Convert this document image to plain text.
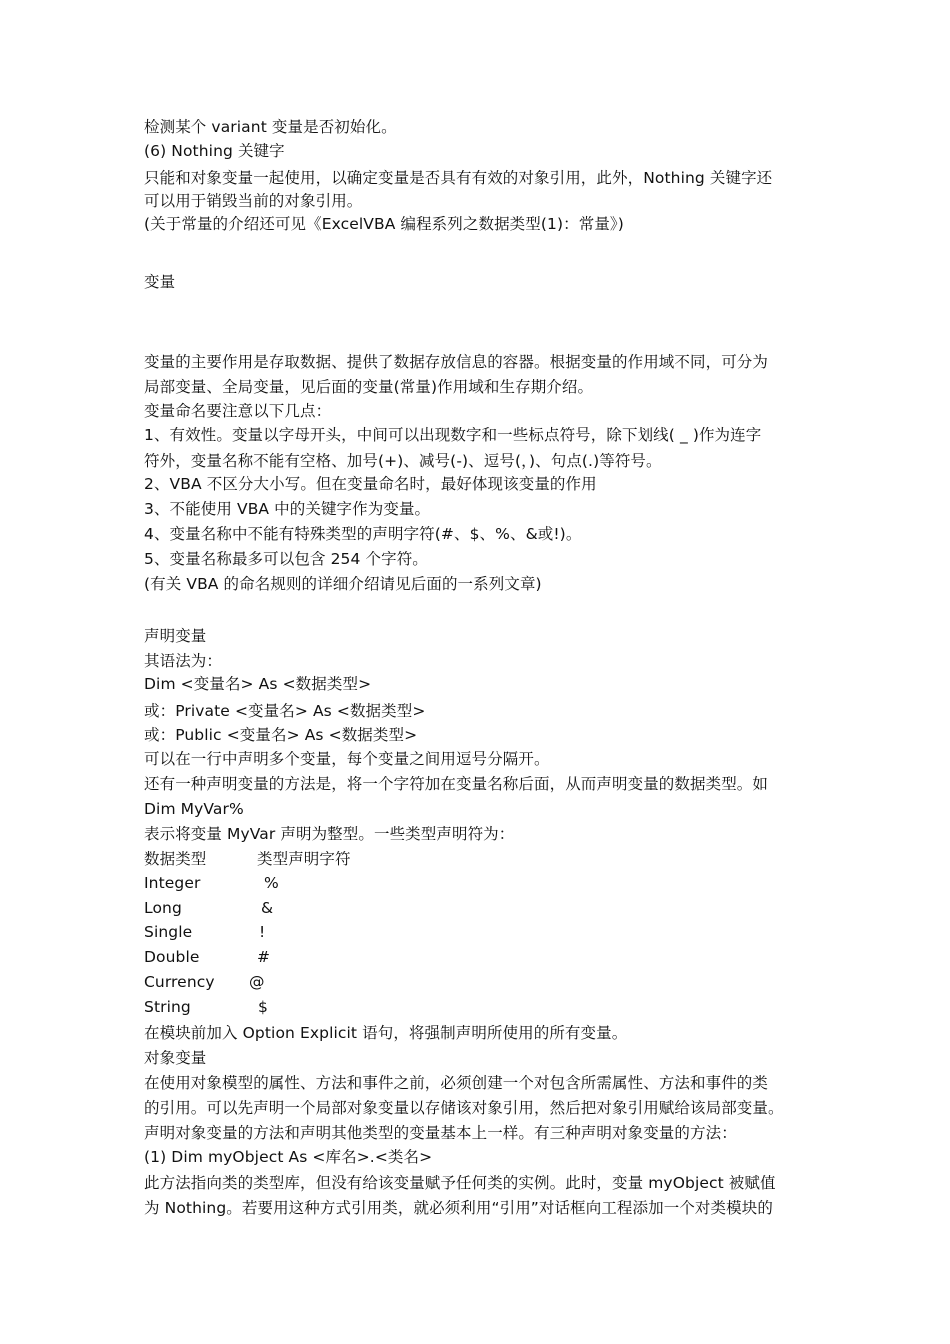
检测某个 variant 变量是否初始化。
(6) Nothing 关键字
只能和对象变量一起使用，以确定变量是否具有有效的对象引用，此外，Nothing 关键字还
可以用于销毁当前的对象引用。
(关于常量的介绍还可见《ExcelVBA 编程系列之数据类型(1)：常量》)
变量
变量的主要作用是存取数据、提供了数据存放信息的容器。根据变量的作用域不同，可分为
局部变量、全局变量，见后面的变量(常量)作用域和生存期介绍。
变量命名要注意以下几点：
1、有效性。变量以字母开头，中间可以出现数字和一些标点符号，除下划线( _ )作为连字
符外，变量名称不能有空格、加号(+)、减号(-)、逗号(，)、句点(.)等符号。
2、VBA 不区分大小写。但在变量命名时，最好体现该变量的作用
3、不能使用 VBA 中的关键字作为变量。
4、变量名称中不能有特殊类型的声明字符(#、$、%、&或!)。
5、变量名称最多可以包含 254 个字符。
(有关 VBA 的命名规则的详细介绍请见后面的一系列文章)
声明变量
其语法为：
Dim <变量名> As <数据类型>
或：Private <变量名> As <数据类型>
或：Public <变量名> As <数据类型>
可以在一行中声明多个变量，每个变量之间用逗号分隔开。
还有一种声明变量的方法是，将一个字符加在变量名称后面，从而声明变量的数据类型。如
Dim MyVar%
表示将变量 MyVar 声明为整型。一些类型声明符为：
数据类型	类型声明字符
Integer	%
Long	&
Single	!
Double	#
Currency @
String	$
在模块前加入 Option Explicit 语句，将强制声明所使用的所有变量。
对象变量
在使用对象模型的属性、方法和事件之前，必须创建一个对包含所需属性、方法和事件的类
的引用。可以先声明一个局部对象变量以存储该对象引用，然后把对象引用赋给该局部变量。
声明对象变量的方法和声明其他类型的变量基本上一样。有三种声明对象变量的方法：
(1) Dim myObject As <库名>.<类名>
此方法指向类的类型库，但没有给该变量赋予任何类的实例。此时，变量 myObject 被赋值
为 Nothing。若要用这种方式引用类，就必须利用“引用”对话框向工程添加一个对类模块的
